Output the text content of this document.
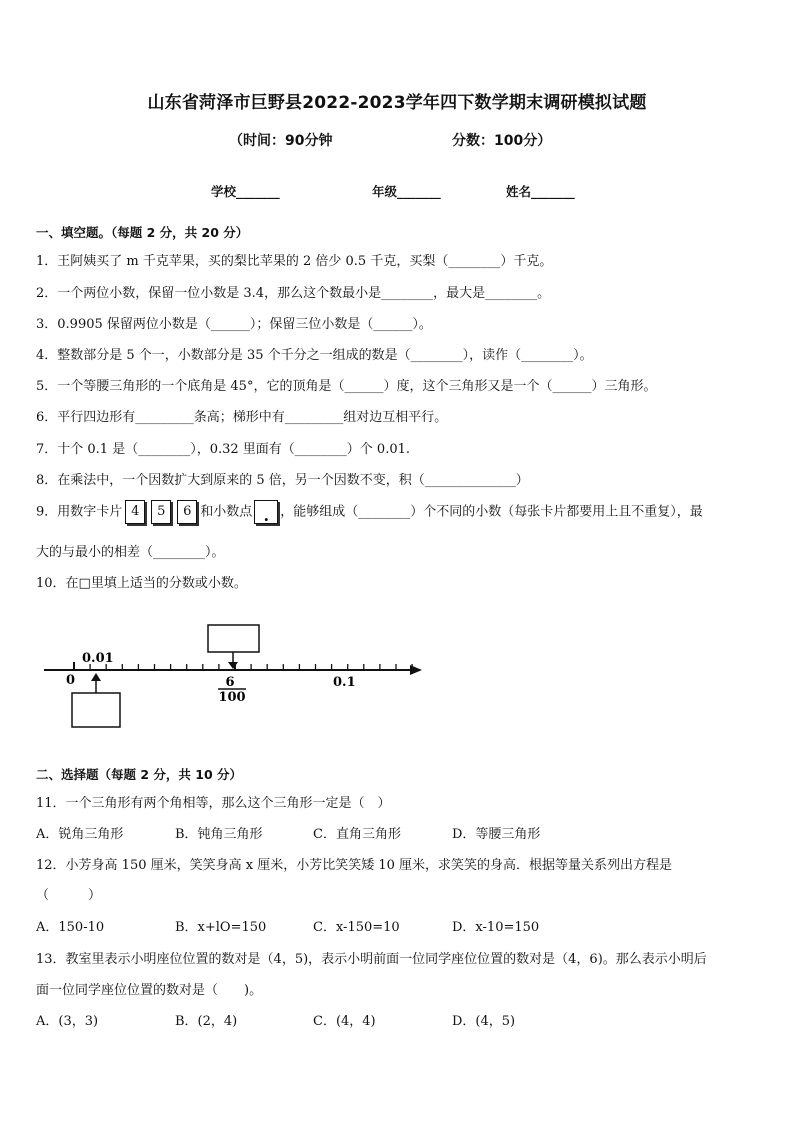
山东省菏泽市巨野县2022-2023学年四下数学期末调研模拟试题
（时间：90分钟	分数：100分）
学校_______	年级_______	姓名_______
一、填空题。（每题 2 分，共 20 分）
1．王阿姨买了 m 千克苹果，买的梨比苹果的 2 倍少 0.5 千克，买梨（________）千克。
2．一个两位小数，保留一位小数是 3.4，那么这个数最小是________，最大是________。
3．0.9905 保留两位小数是（______）；保留三位小数是（______）。
4．整数部分是 5 个一，小数部分是 35 个千分之一组成的数是（________），读作（________）。
5．一个等腰三角形的一个底角是 45°，它的顶角是（______）度，这个三角形又是一个（______）三角形。
6．平行四边形有_________条高；梯形中有_________组对边互相平行。
7．十个 0.1 是（________），0.32 里面有（________）个 0.01.
8．在乘法中，一个因数扩大到原来的 5 倍，另一个因数不变，积（______________）
9．用数字卡片 4 5 6 和小数点 . ，能够组成（________）个不同的小数（每张卡片都要用上且不重复），最
大的与最小的相差（________）。
10．在□里填上适当的分数或小数。
0.01
0	6
100
0.1
二、选择题（每题 2 分，共 10 分）
11．一个三角形有两个角相等，那么这个三角形一定是（　）
A．锐角三角形	B．钝角三角形	C．直角三角形	D．等腰三角形
12．小芳身高 150 厘米，笑笑身高 x 厘米，小芳比笑笑矮 10 厘米，求笑笑的身高．根据等量关系列出方程是
（　　　）
A．150-10	B．x+lO=150	C．x-150=10	D．x-10=150
13．教室里表示小明座位位置的数对是（4，5)，表示小明前面一位同学座位位置的数对是（4，6)。那么表示小明后
面一位同学座位位置的数对是（　　)。
A．(3，3)	B．(2，4)	C．(4，4)	D．(4，5)
